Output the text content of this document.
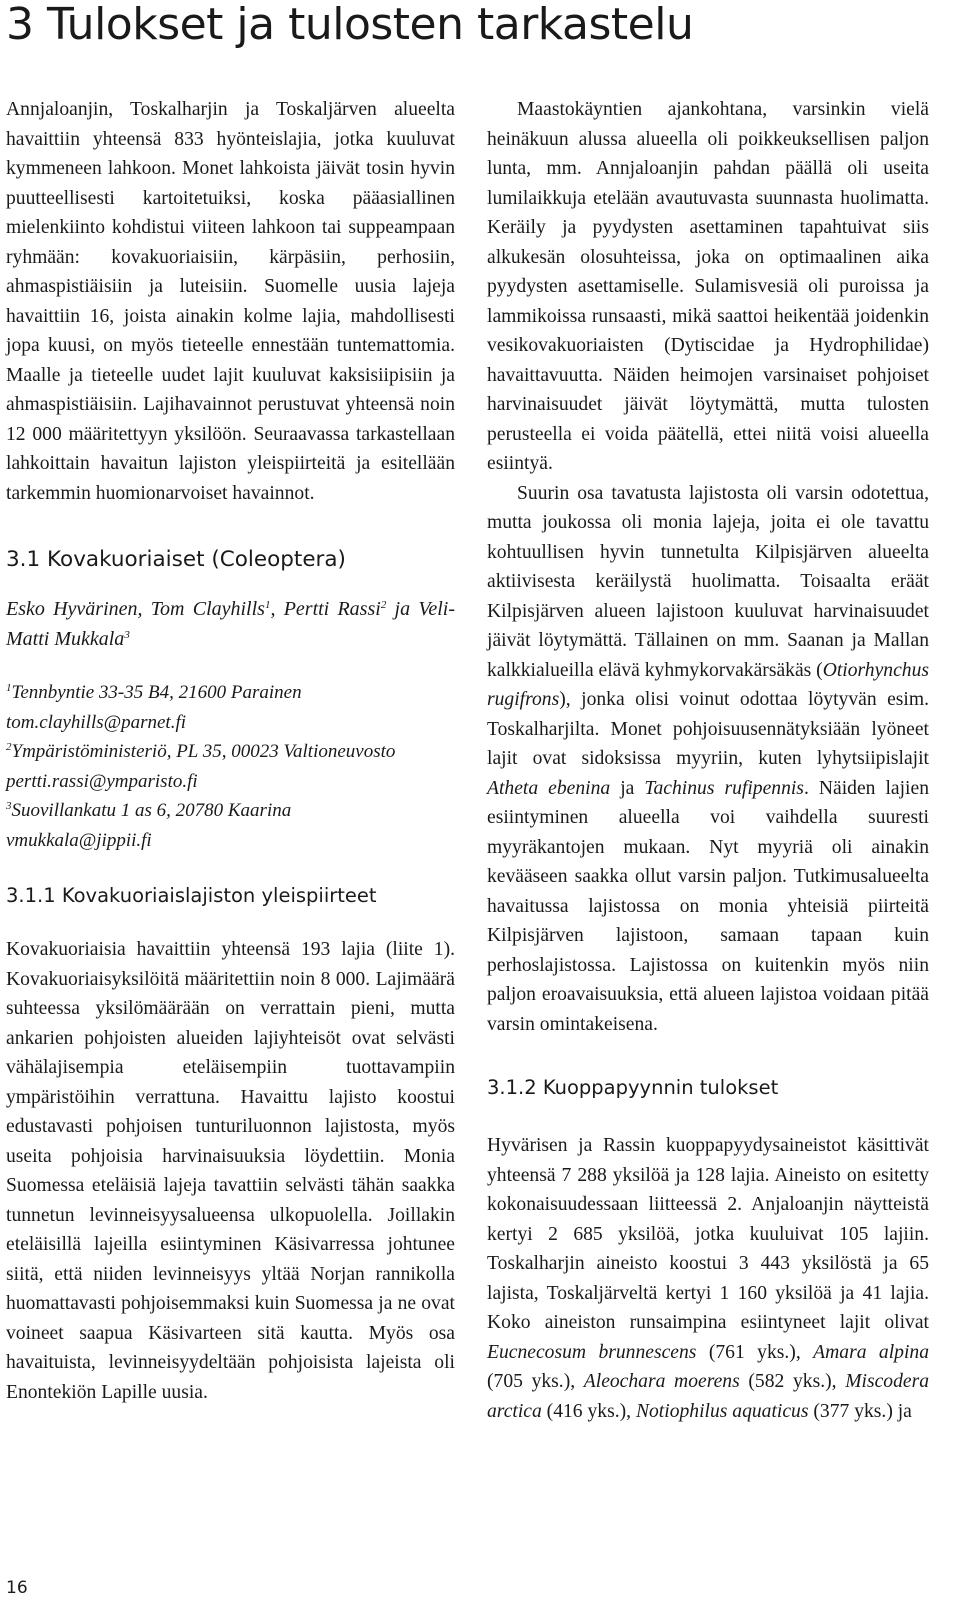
3 Tulokset ja tulosten tarkastelu

Annjaloanjin, Toskalharjin ja Toskaljärven alueelta havaittiin yhteensä 833 hyönteislajia, jotka kuuluvat kymmeneen lahkoon. Monet lahkoista jäivät tosin hyvin puutteellisesti kartoitetuiksi, koska pääasiallinen mielenkiinto kohdistui viiteen lahkoon tai suppeampaan ryhmään: kovakuoriaisiin, kärpäsiin, perhosiin, ahmaspistiäisiin ja luteisiin. Suomelle uusia lajeja havaittiin 16, joista ainakin kolme lajia, mahdollisesti jopa kuusi, on myös tieteelle ennestään tuntemattomia. Maalle ja tieteelle uudet lajit kuuluvat kaksisiipisiin ja ahmaspistiäisiin. Lajihavainnot perustuvat yhteensä noin 12 000 määritettyyn yksilöön. Seuraavassa tarkastellaan lahkoittain havaitun lajiston yleispiirteitä ja esitellään tarkemmin huomionarvoiset havainnot.

3.1 Kovakuoriaiset (Coleoptera)

Esko Hyvärinen, Tom Clayhills$^1$, Pertti Rassi$^2$ ja Veli-Matti Mukkala$^3$

$^1$Tennbyntie 33-35 B4, 21600 Parainen

tom.clayhills@parnet.fi

$^2$Ympäristöministeriö, PL 35, 00023 Valtioneuvosto

pertti.rassi@ymparisto.fi

$^3$Suovillankatu 1 as 6, 20780 Kaarina

vmukkala@jippii.fi

3.1.1 Kovakuoriaislajiston yleispiirteet

Kovakuoriaisia havaittiin yhteensä 193 lajia (liite 1). Kovakuoriaisyksilöitä määritettiin noin 8 000. Lajimäärä suhteessa yksilömäärään on verrattain pieni, mutta ankarien pohjoisten alueiden lajiyhteisöt ovat selvästi vähälajisempia eteläisempiin tuottavampiin ympäristöihin verrattuna. Havaittu lajisto koostui edustavasti pohjoisen tunturiluonnon lajistosta, myös useita pohjoisia harvinaisuuksia löydettiin. Monia Suomessa eteläisiä lajeja tavattiin selvästi tähän saakka tunnetun levinneisyysalueensa ulkopuolella. Joillakin eteläisillä lajeilla esiintyminen Käsivarressa johtunee siitä, että niiden levinneisyys yltää Norjan rannikolla huomattavasti pohjoisemmaksi kuin Suomessa ja ne ovat voineet saapua Käsivarteen sitä kautta. Myös osa havaituista, levinneisyydeltään pohjoisista lajeista oli Enontekiön Lapille uusia.

Maastokäyntien ajankohtana, varsinkin vielä heinäkuun alussa alueella oli poikkeuksellisen paljon lunta, mm. Annjaloanjin pahdan päällä oli useita lumilaikkuja etelään avautuvasta suunnasta huolimatta. Keräily ja pyydysten asettaminen tapahtuivat siis alkukesän olosuhteissa, joka on optimaalinen aika pyydysten asettamiselle. Sulamisvesiä oli puroissa ja lammikoissa runsaasti, mikä saattoi heikentää joidenkin vesikovakuoriaisten (Dytiscidae ja Hydrophilidae) havaittavuutta. Näiden heimojen varsinaiset pohjoiset harvinaisuudet jäivät löytymättä, mutta tulosten perusteella ei voida päätellä, ettei niitä voisi alueella esiintyä.

Suurin osa tavatusta lajistosta oli varsin odotettua, mutta joukossa oli monia lajeja, joita ei ole tavattu kohtuullisen hyvin tunnetulta Kilpisjärven alueelta aktiivisesta keräilystä huolimatta. Toisaalta eräät Kilpisjärven alueen lajistoon kuuluvat harvinaisuudet jäivät löytymättä. Tällainen on mm. Saanan ja Mallan kalkkialueilla elävä kyhmykorvakärsäkäs (Otiorhynchus rugifrons), jonka olisi voinut odottaa löytyvän esim. Toskalharjilta. Monet pohjoisuusennätyksiään lyöneet lajit ovat sidoksissa myyriin, kuten lyhytsiipislajit Atheta ebenina ja Tachinus rufipennis. Näiden lajien esiintyminen alueella voi vaihdella suuresti myyräkantojen mukaan. Nyt myyriä oli ainakin kevääseen saakka ollut varsin paljon. Tutkimusalueelta havaitussa lajistossa on monia yhteisiä piirteitä Kilpisjärven lajistoon, samaan tapaan kuin perhoslajistossa. Lajistossa on kuitenkin myös niin paljon eroavaisuuksia, että alueen lajistoa voidaan pitää varsin omintakeisena.

3.1.2 Kuoppapyynnin tulokset

Hyvärisen ja Rassin kuoppapyydysaineistot käsittivät yhteensä 7 288 yksilöä ja 128 lajia. Aineisto on esitetty kokonaisuudessaan liitteessä 2. Anjaloanjin näytteistä kertyi 2 685 yksilöä, jotka kuuluivat 105 lajiin. Toskalharjin aineisto koostui 3 443 yksilöstä ja 65 lajista, Toskaljärveltä kertyi 1 160 yksilöä ja 41 lajia. Koko aineiston runsaimpina esiintyneet lajit olivat Eucnecosum brunnescens (761 yks.), Amara alpina (705 yks.), Aleochara moerens (582 yks.), Miscodera arctica (416 yks.), Notiophilus aquaticus (377 yks.) ja

16
